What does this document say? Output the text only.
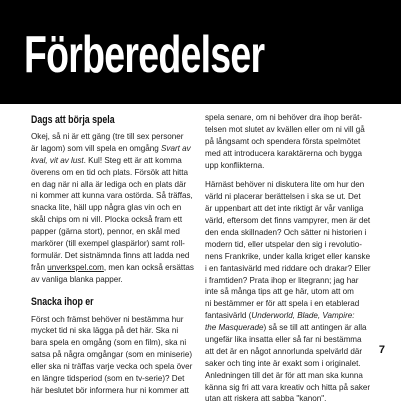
Förberedelser
Dags att börja spela
Okej, så ni är ett gäng (tre till sex personer
är lagom) som vill spela en omgång Svart av
kval, vit av lust. Kul! Steg ett är att komma
överens om en tid och plats. Försök att hitta
en dag när ni alla är lediga och en plats där
ni kommer att kunna vara ostörda. Så träffas,
snacka lite, häll upp några glas vin och en
skål chips om ni vill. Plocka också fram ett
papper (gärna stort), pennor, en skål med
markörer (till exempel glaspärlor) samt roll-
formulär. Det sistnämnda finns att ladda ned
från unverkspel.com, men kan också ersättas
av vanliga blanka papper.
Snacka ihop er
Först och främst behöver ni bestämma hur
mycket tid ni ska lägga på det här. Ska ni
bara spela en omgång (som en film), ska ni
satsa på några omgångar (som en miniserie)
eller ska ni träffas varje vecka och spela över
en längre tidsperiod (som en tv-serie)? Det
här beslutet bör informera hur ni kommer att
spela senare, om ni behöver dra ihop berät-
telsen mot slutet av kvällen eller om ni vill gå
på långsamt och spendera första spelmötet
med att introducera karaktärerna och bygga
upp konflikterna.
Härnäst behöver ni diskutera lite om hur den
värld ni placerar berättelsen i ska se ut. Det
är uppenbart att det inte riktigt är vår vanliga
värld, eftersom det finns vampyrer, men är det
den enda skillnaden? Och sätter ni historien i
modern tid, eller utspelar den sig i revolutio-
nens Frankrike, under kalla kriget eller kanske
i en fantasivärld med riddare och drakar? Eller
i framtiden? Prata ihop er litegrann; jag har
inte så många tips att ge här, utom att om
ni bestämmer er för att spela i en etablerad
fantasivärld (Underworld, Blade, Vampire:
the Masquerade) så se till att antingen är alla
ungefär lika insatta eller så far ni bestämma
att det är en något annorlunda spelvärld där
saker och ting inte är exakt som i originalet.
Anledningen till det är för att man ska kunna
känna sig fri att vara kreativ och hitta på saker
utan att riskera att sabba "kanon".
7
